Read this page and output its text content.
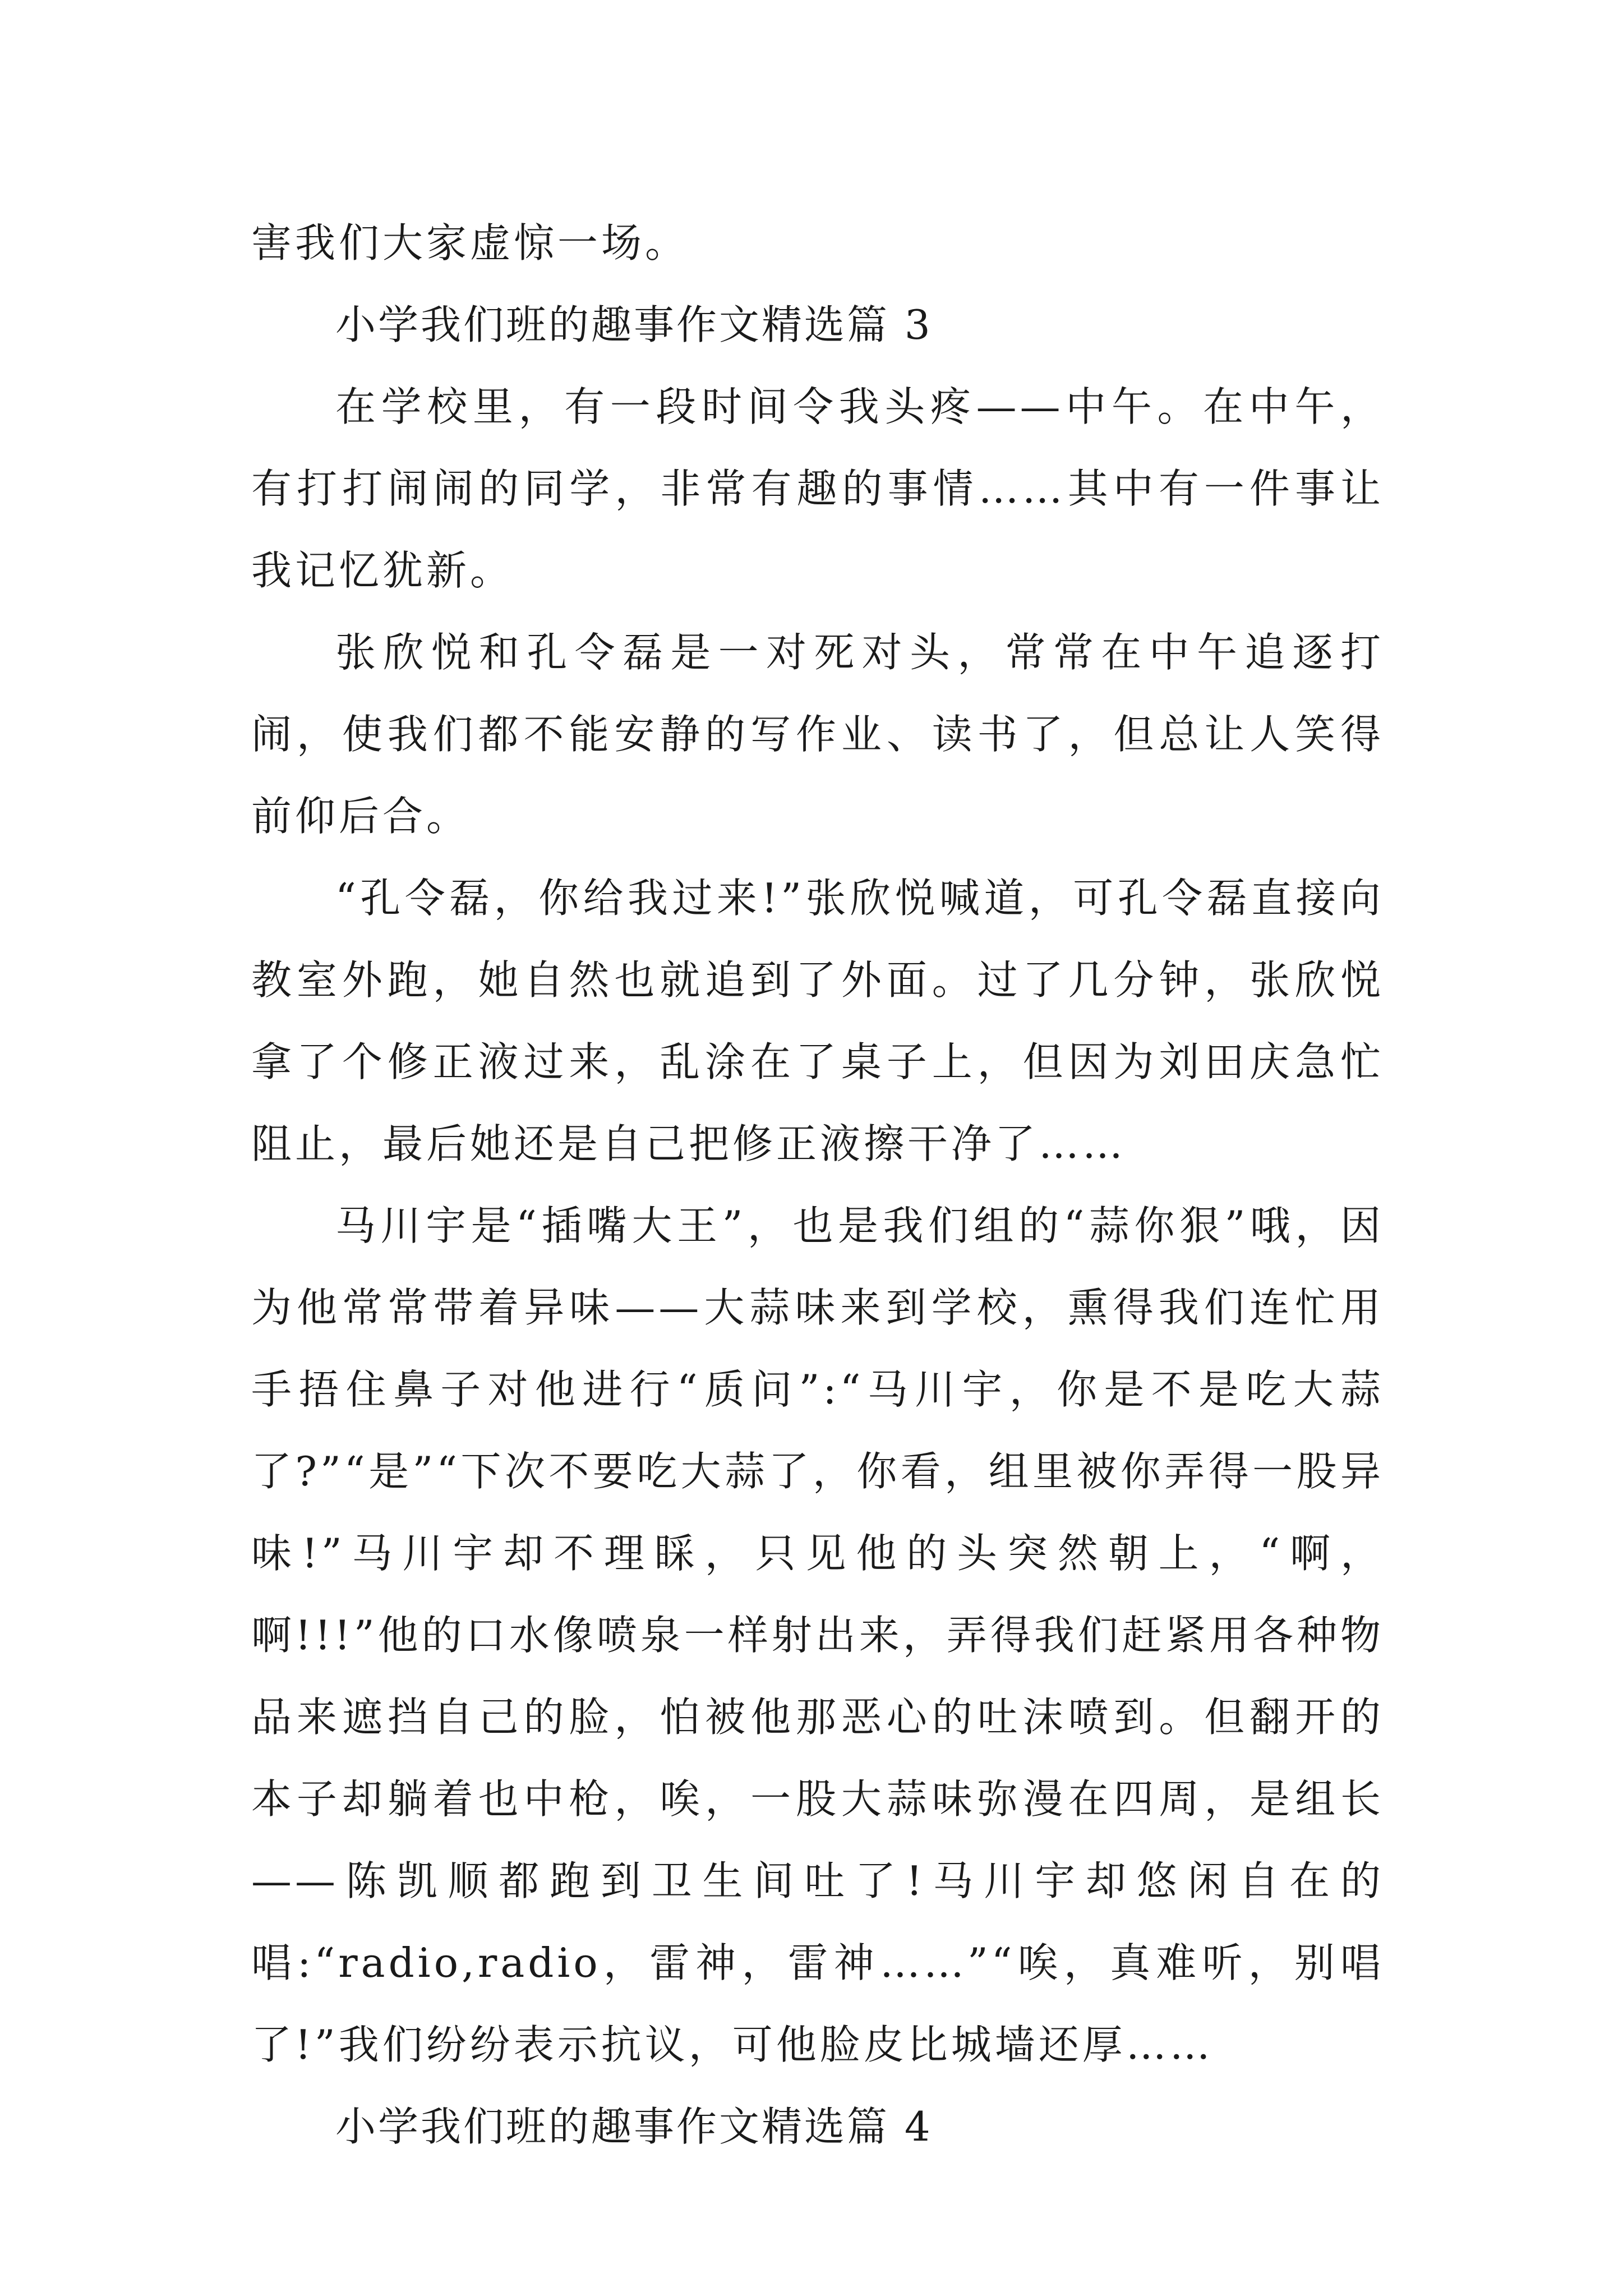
害我们大家虚惊一场。

小学我们班的趣事作文精选篇 3

在学校里，有一段时间令我头疼——中午。在中午，有打打闹闹的同学，非常有趣的事情……其中有一件事让我记忆犹新。

张欣悦和孔令磊是一对死对头，常常在中午追逐打闹，使我们都不能安静的写作业、读书了，但总让人笑得前仰后合。

“孔令磊，你给我过来!”张欣悦喊道，可孔令磊直接向教室外跑，她自然也就追到了外面。过了几分钟，张欣悦拿了个修正液过来，乱涂在了桌子上，但因为刘田庆急忙阻止，最后她还是自己把修正液擦干净了……

马川宇是“插嘴大王”，也是我们组的“蒜你狠”哦，因为他常常带着异味——大蒜味来到学校，熏得我们连忙用手捂住鼻子对他进行“质问”:“马川宇，你是不是吃大蒜了?”“是”“下次不要吃大蒜了，你看，组里被你弄得一股异味!”马川宇却不理睬，只见他的头突然朝上，“啊，啊!!!”他的口水像喷泉一样射出来，弄得我们赶紧用各种物品来遮挡自己的脸，怕被他那恶心的吐沫喷到。但翻开的本子却躺着也中枪，唉，一股大蒜味弥漫在四周，是组长——陈凯顺都跑到卫生间吐了!马川宇却悠闲自在的唱:“radio,radio，雷神，雷神……”“唉，真难听，别唱了!”我们纷纷表示抗议，可他脸皮比城墙还厚……

小学我们班的趣事作文精选篇 4
